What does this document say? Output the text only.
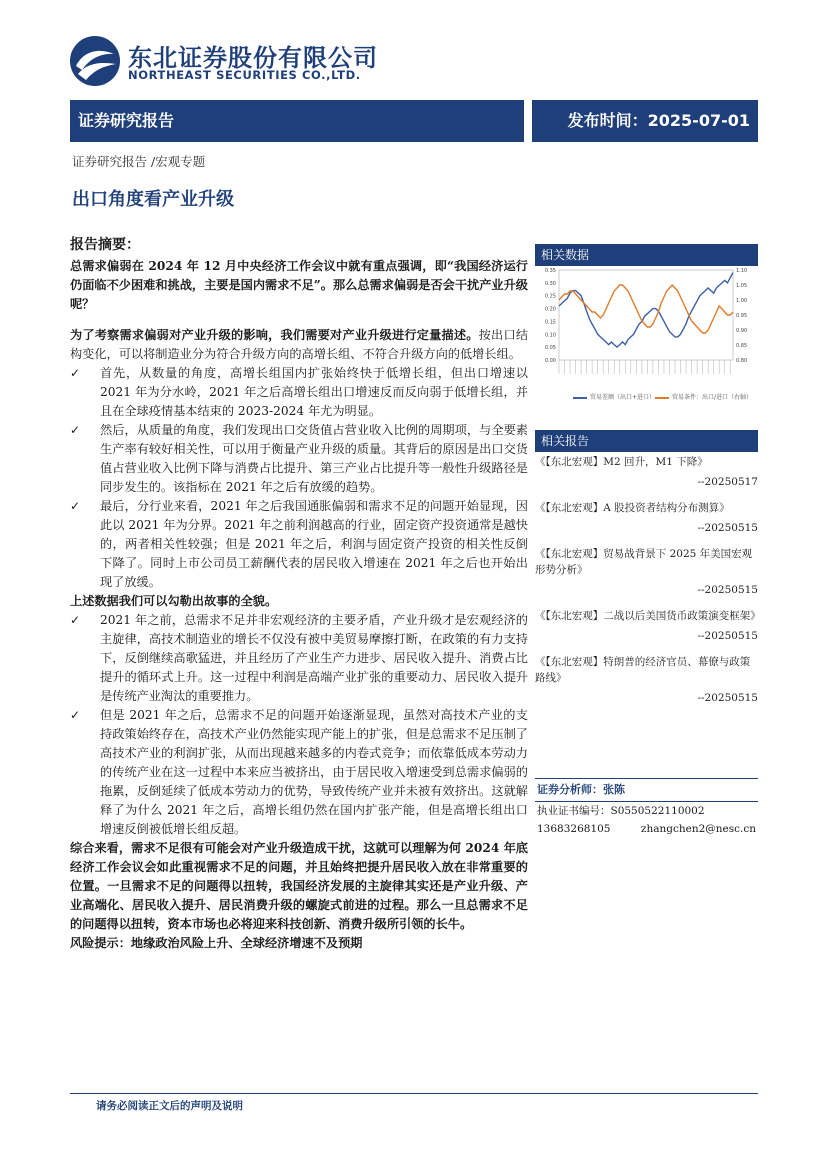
东北证券股份有限公司
NORTHEAST SECURITIES CO.,LTD.
证券研究报告	发布时间：2025-07-01
证券研究报告 /宏观专题
出口角度看产业升级
报告摘要：

总需求偏弱在 2024 年 12 月中央经济工作会议中就有重点强调，即“我国经济运行仍面临不少困难和挑战，主要是国内需求不足”。那么总需求偏弱是否会干扰产业升级呢？

为了考察需求偏弱对产业升级的影响，我们需要对产业升级进行定量描述。按出口结构变化，可以将制造业分为符合升级方向的高增长组、不符合升级方向的低增长组。

✓ 首先，从数量的角度，高增长组国内扩张始终快于低增长组，但出口增速以 2021 年为分水岭，2021 年之后高增长组出口增速反而反向弱于低增长组，并且在全球疫情基本结束的 2023-2024 年尤为明显。
✓ 然后，从质量的角度，我们发现出口交货值占营业收入比例的周期项，与全要素生产率有较好相关性，可以用于衡量产业升级的质量。其背后的原因是出口交货值占营业收入比例下降与消费占比提升、第三产业占比提升等一般性升级路径是同步发生的。该指标在 2021 年之后有放缓的趋势。
✓ 最后，分行业来看，2021 年之后我国通胀偏弱和需求不足的问题开始显现，因此以 2021 年为分界。2021 年之前利润越高的行业，固定资产投资通常是越快的，两者相关性较强；但是 2021 年之后，利润与固定资产投资的相关性反倒下降了。同时上市公司员工薪酬代表的居民收入增速在 2021 年之后也开始出现了放缓。

上述数据我们可以勾勒出故事的全貌。

✓ 2021 年之前，总需求不足并非宏观经济的主要矛盾，产业升级才是宏观经济的主旋律，高技术制造业的增长不仅没有被中美贸易摩擦打断，在政策的有力支持下，反倒继续高歌猛进，并且经历了产业生产力进步、居民收入提升、消费占比提升的循环式上升。这一过程中利润是高端产业扩张的重要动力、居民收入提升是传统产业淘汰的重要推力。
✓ 但是 2021 年之后，总需求不足的问题开始逐渐显现，虽然对高技术产业的支持政策始终存在，高技术产业仍然能实现产能上的扩张，但是总需求不足压制了高技术产业的利润扩张，从而出现越来越多的内卷式竞争；而依靠低成本劳动力的传统产业在这一过程中本来应当被挤出，由于居民收入增速受到总需求偏弱的拖累，反倒延续了低成本劳动力的优势，导致传统产业并未被有效挤出。这就解释了为什么 2021 年之后，高增长组仍然在国内扩张产能，但是高增长组出口增速反倒被低增长组反超。

综合来看，需求不足很有可能会对产业升级造成干扰，这就可以理解为何 2024 年底经济工作会议会如此重视需求不足的问题，并且始终把提升居民收入放在非常重要的位置。一旦需求不足的问题得以扭转，我国经济发展的主旋律其实还是产业升级、产业高端化、居民收入提升、居民消费升级的螺旋式前进的过程。那么一旦总需求不足的问题得以扭转，资本市场也必将迎来科技创新、消费升级所引领的长牛。

风险提示：地缘政治风险上升、全球经济增速不及预期

相关数据
0.35
0.30
0.25
0.20
0.15
0.10
0.05
0.00
1.10
1.05
1.00
0.95
0.90
0.85
0.80
贸易差额（出口+进口）	贸易条件：出口/进口（右轴）
相关报告
《【东北宏观】M2 回升，M1 下降》
--20250517
《【东北宏观】A 股投资者结构分布测算》
--20250515
《【东北宏观】贸易战背景下 2025 年美国宏观形势分析》
--20250515
《【东北宏观】二战以后美国货币政策演变框架》
--20250515
《【东北宏观】特朗普的经济官员、幕僚与政策路线》
--20250515
证券分析师：张陈
执业证书编号：S0550522110002
13683268105	zhangchen2@nesc.cn
请务必阅读正文后的声明及说明
